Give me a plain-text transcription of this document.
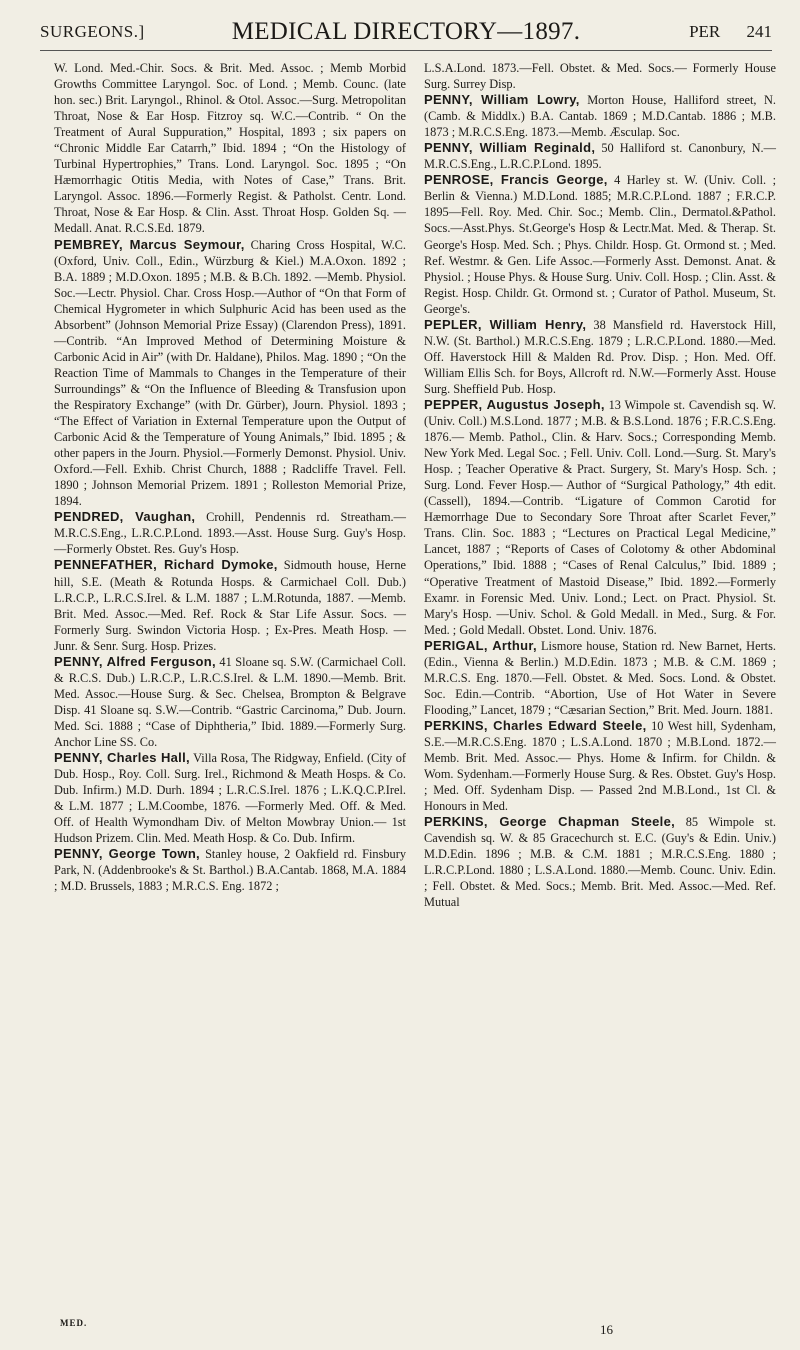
SURGEONS.]	MEDICAL DIRECTORY—1897.	PER 241

W. Lond. Med.-Chir. Socs. & Brit. Med. Assoc. ; Memb Morbid Growths Committee Laryngol. Soc. of Lond. ; Memb. Counc. (late hon. sec.) Brit. Laryngol., Rhinol. & Otol. Assoc.—Surg. Metropolitan Throat, Nose & Ear Hosp. Fitzroy sq. W.C.—Contrib. “ On the Treatment of Aural Suppuration,” Hospital, 1893 ; six papers on “Chronic Middle Ear Catarrh,” Ibid. 1894 ; “On the Histology of Turbinal Hypertrophies,” Trans. Lond. Laryngol. Soc. 1895 ; “On Hæmorrhagic Otitis Media, with Notes of Case,” Trans. Brit. Laryngol. Assoc. 1896.—Formerly Regist. & Patholst. Centr. Lond. Throat, Nose & Ear Hosp. & Clin. Asst. Throat Hosp. Golden Sq. —Medall. Anat. R.C.S.Ed. 1879.

PEMBREY, Marcus Seymour, Charing Cross Hospital, W.C. (Oxford, Univ. Coll., Edin., Würzburg & Kiel.) M.A.Oxon. 1892 ; B.A. 1889 ; M.D.Oxon. 1895 ; M.B. & B.Ch. 1892. —Memb. Physiol. Soc.—Lectr. Physiol. Char. Cross Hosp.—Author of “On that Form of Chemical Hygrometer in which Sulphuric Acid has been used as the Absorbent” (Johnson Memorial Prize Essay) (Clarendon Press), 1891. —Contrib. “An Improved Method of Determining Moisture & Carbonic Acid in Air” (with Dr. Haldane), Philos. Mag. 1890 ; “On the Reaction Time of Mammals to Changes in the Temperature of their Surroundings” & “On the Influence of Bleeding & Transfusion upon the Respiratory Exchange” (with Dr. Gürber), Journ. Physiol. 1893 ; “The Effect of Variation in External Temperature upon the Output of Carbonic Acid & the Temperature of Young Animals,” Ibid. 1895 ; & other papers in the Journ. Physiol.—Formerly Demonst. Physiol. Univ. Oxford.—Fell. Exhib. Christ Church, 1888 ; Radcliffe Travel. Fell. 1890 ; Johnson Memorial Prizem. 1891 ; Rolleston Memorial Prize, 1894.

PENDRED, Vaughan, Crohill, Pendennis rd. Streatham.—M.R.C.S.Eng., L.R.C.P.Lond. 1893.—Asst. House Surg. Guy's Hosp.—Formerly Obstet. Res. Guy's Hosp.

PENNEFATHER, Richard Dymoke, Sidmouth house, Herne hill, S.E. (Meath & Rotunda Hosps. & Carmichael Coll. Dub.) L.R.C.P., L.R.C.S.Irel. & L.M. 1887 ; L.M.Rotunda, 1887. —Memb. Brit. Med. Assoc.—Med. Ref. Rock & Star Life Assur. Socs. — Formerly Surg. Swindon Victoria Hosp. ; Ex-Pres. Meath Hosp. —Junr. & Senr. Surg. Hosp. Prizes.

PENNY, Alfred Ferguson, 41 Sloane sq. S.W. (Carmichael Coll. & R.C.S. Dub.) L.R.C.P., L.R.C.S.Irel. & L.M. 1890.—Memb. Brit. Med. Assoc.—House Surg. & Sec. Chelsea, Brompton & Belgrave Disp. 41 Sloane sq. S.W.—Contrib. “Gastric Carcinoma,” Dub. Journ. Med. Sci. 1888 ; “Case of Diphtheria,” Ibid. 1889.—Formerly Surg. Anchor Line SS. Co.

PENNY, Charles Hall, Villa Rosa, The Ridgway, Enfield. (City of Dub. Hosp., Roy. Coll. Surg. Irel., Richmond & Meath Hosps. & Co. Dub. Infirm.) M.D. Durh. 1894 ; L.R.C.S.Irel. 1876 ; L.K.Q.C.P.Irel. & L.M. 1877 ; L.M.Coombe, 1876. —Formerly Med. Off. & Med. Off. of Health Wymondham Div. of Melton Mowbray Union.— 1st Hudson Prizem. Clin. Med. Meath Hosp. & Co. Dub. Infirm.

PENNY, George Town, Stanley house, 2 Oakfield rd. Finsbury Park, N. (Addenbrooke's & St. Barthol.) B.A.Cantab. 1868, M.A. 1884 ; M.D. Brussels, 1883 ; M.R.C.S. Eng. 1872 ;

L.S.A.Lond. 1873.—Fell. Obstet. & Med. Socs.— Formerly House Surg. Surrey Disp.

PENNY, William Lowry, Morton House, Halliford street, N. (Camb. & Middlx.) B.A. Cantab. 1869 ; M.D.Cantab. 1886 ; M.B. 1873 ; M.R.C.S.Eng. 1873.—Memb. Æsculap. Soc.

PENNY, William Reginald, 50 Halliford st. Canonbury, N.—M.R.C.S.Eng., L.R.C.P.Lond. 1895.

PENROSE, Francis George, 4 Harley st. W. (Univ. Coll. ; Berlin & Vienna.) M.D.Lond. 1885; M.R.C.P.Lond. 1887 ; F.R.C.P. 1895—Fell. Roy. Med. Chir. Soc.; Memb. Clin., Dermatol.&Pathol. Socs.—Asst.Phys. St.George's Hosp & Lectr.Mat. Med. & Therap. St. George's Hosp. Med. Sch. ; Phys. Childr. Hosp. Gt. Ormond st. ; Med. Ref. Westmr. & Gen. Life Assoc.—Formerly Asst. Demonst. Anat. & Physiol. ; House Phys. & House Surg. Univ. Coll. Hosp. ; Clin. Asst. & Regist. Hosp. Childr. Gt. Ormond st. ; Curator of Pathol. Museum, St. George's.

PEPLER, William Henry, 38 Mansfield rd. Haverstock Hill, N.W. (St. Barthol.) M.R.C.S.Eng. 1879 ; L.R.C.P.Lond. 1880.—Med. Off. Haverstock Hill & Malden Rd. Prov. Disp. ; Hon. Med. Off. William Ellis Sch. for Boys, Allcroft rd. N.W.—Formerly Asst. House Surg. Sheffield Pub. Hosp.

PEPPER, Augustus Joseph, 13 Wimpole st. Cavendish sq. W. (Univ. Coll.) M.S.Lond. 1877 ; M.B. & B.S.Lond. 1876 ; F.R.C.S.Eng. 1876.— Memb. Pathol., Clin. & Harv. Socs.; Corresponding Memb. New York Med. Legal Soc. ; Fell. Univ. Coll. Lond.—Surg. St. Mary's Hosp. ; Teacher Operative & Pract. Surgery, St. Mary's Hosp. Sch. ; Surg. Lond. Fever Hosp.— Author of “Surgical Pathology,” 4th edit. (Cassell), 1894.—Contrib. “Ligature of Common Carotid for Hæmorrhage Due to Secondary Sore Throat after Scarlet Fever,” Trans. Clin. Soc. 1883 ; “Lectures on Practical Legal Medicine,” Lancet, 1887 ; “Reports of Cases of Colotomy & other Abdominal Operations,” Ibid. 1888 ; “Cases of Renal Calculus,” Ibid. 1889 ; “Operative Treatment of Mastoid Disease,” Ibid. 1892.—Formerly Examr. in Forensic Med. Univ. Lond.; Lect. on Pract. Physiol. St. Mary's Hosp. —Univ. Schol. & Gold Medall. in Med., Surg. & For. Med. ; Gold Medall. Obstet. Lond. Univ. 1876.

PERIGAL, Arthur, Lismore house, Station rd. New Barnet, Herts. (Edin., Vienna & Berlin.) M.D.Edin. 1873 ; M.B. & C.M. 1869 ; M.R.C.S. Eng. 1870.—Fell. Obstet. & Med. Socs. Lond. & Obstet. Soc. Edin.—Contrib. “Abortion, Use of Hot Water in Severe Flooding,” Lancet, 1879 ; “Cæsarian Section,” Brit. Med. Journ. 1881.

PERKINS, Charles Edward Steele, 10 West hill, Sydenham, S.E.—M.R.C.S.Eng. 1870 ; L.S.A.Lond. 1870 ; M.B.Lond. 1872.—Memb. Brit. Med. Assoc.— Phys. Home & Infirm. for Childn. & Wom. Sydenham.—Formerly House Surg. & Res. Obstet. Guy's Hosp. ; Med. Off. Sydenham Disp. — Passed 2nd M.B.Lond., 1st Cl. & Honours in Med.

PERKINS, George Chapman Steele, 85 Wimpole st. Cavendish sq. W. & 85 Gracechurch st. E.C. (Guy's & Edin. Univ.) M.D.Edin. 1896 ; M.B. & C.M. 1881 ; M.R.C.S.Eng. 1880 ; L.R.C.P.Lond. 1880 ; L.S.A.Lond. 1880.—Memb. Counc. Univ. Edin. ; Fell. Obstet. & Med. Socs.; Memb. Brit. Med. Assoc.—Med. Ref. Mutual

MED.	16
